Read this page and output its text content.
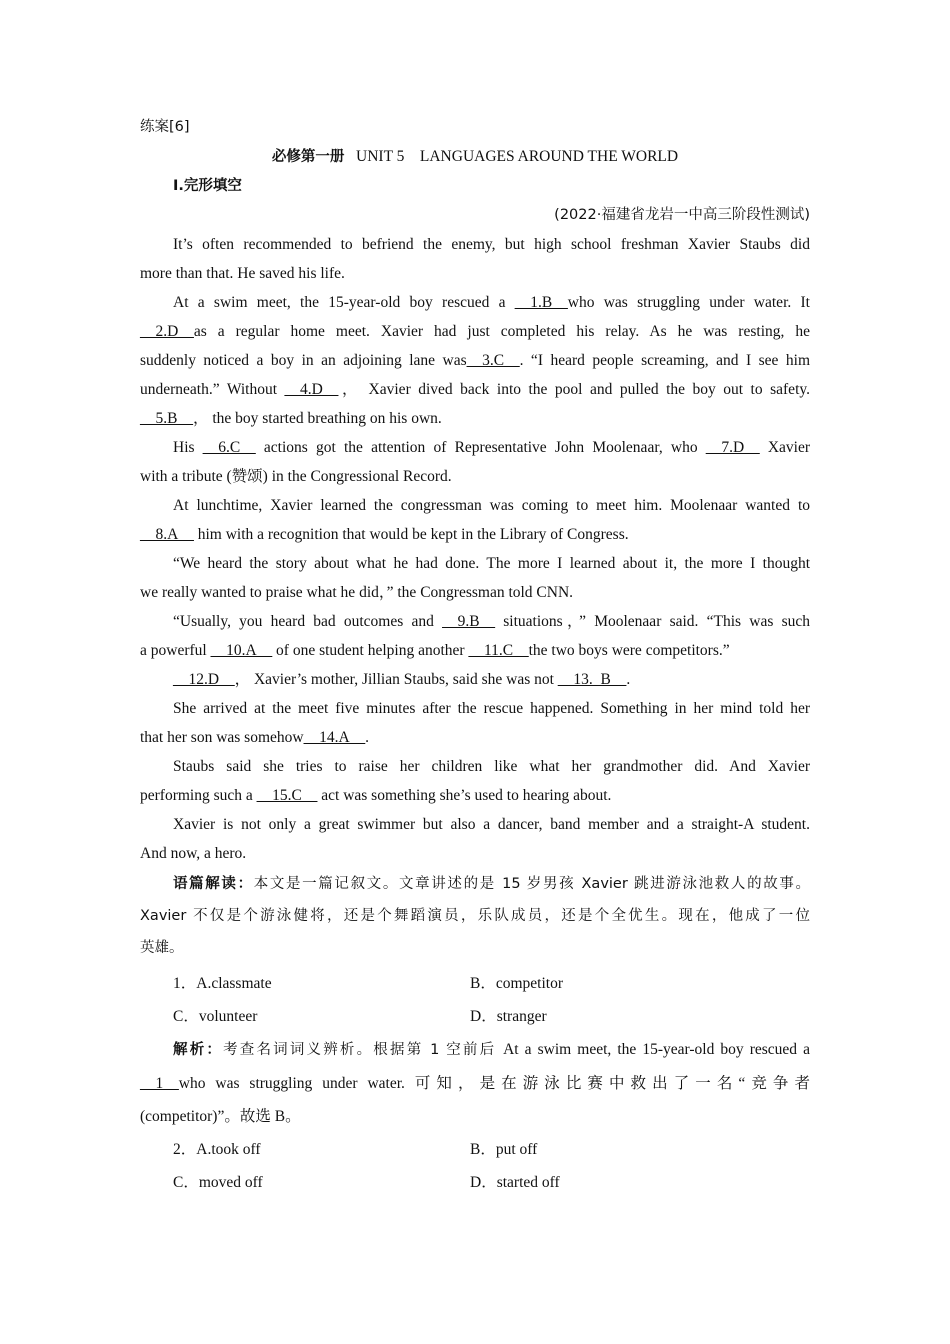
练案[6]

必修第一册 UNIT 5　LANGUAGES AROUND THE WORLD

Ⅰ.完形填空

(2022·福建省龙岩一中高三阶段性测试)

It’s often recommended to befriend the enemy, but high school freshman Xavier Staubs did

more than that. He saved his life.

At a swim meet, the 15-year-old boy rescued a __1.B__who was struggling under water. It

__2.D__as a regular home meet. Xavier had just completed his relay. As he was resting, he

suddenly noticed a boy in an adjoining lane was__3.C__. “I heard people screaming, and I see him

underneath.” Without __4.D__， Xavier dived back into the pool and pulled the boy out to safety.

__5.B__， the boy started breathing on his own.

His __6.C__ actions got the attention of Representative John Moolenaar, who __7.D__ Xavier

with a tribute (赞颂) in the Congressional Record.

At lunchtime, Xavier learned the congressman was coming to meet him. Moolenaar wanted to

__8.A__ him with a recognition that would be kept in the Library of Congress.

“We heard the story about what he had done. The more I learned about it, the more I thought

we really wanted to praise what he did，” the Congressman told CNN.

“Usually, you heard bad outcomes and __9.B__ situations，” Moolenaar said. “This was such

a powerful __10.A__ of one student helping another __11.C__the two boys were competitors.”

__12.D__， Xavier’s mother, Jillian Staubs, said she was not __13.  B__.

She arrived at the meet five minutes after the rescue happened. Something in her mind told her

that her son was somehow__14.A__.

Staubs said she tries to raise her children like what her grandmother did. And Xavier

performing such a __15.C__ act was something she’s used to hearing about.

Xavier is not only a great swimmer but also a dancer, band member and a straight-A student.

And now, a hero.

语篇解读：本文是一篇记叙文。文章讲述的是 15 岁男孩 Xavier 跳进游泳池救人的故事。

Xavier 不仅是个游泳健将，还是个舞蹈演员，乐队成员，还是个全优生。现在，他成了一位

英雄。

1．A.classmate	B．competitor

C．volunteer	D．stranger

解析：考查名词词义辨析。根据第 1 空前后 At a swim meet, the 15-year-old boy rescued a

__1__who was struggling under water. 可知，是在游泳比赛中救出了一名“竞争者

(competitor)”。故选 B。

2．A.took off	B．put off

C．moved off	D．started off
